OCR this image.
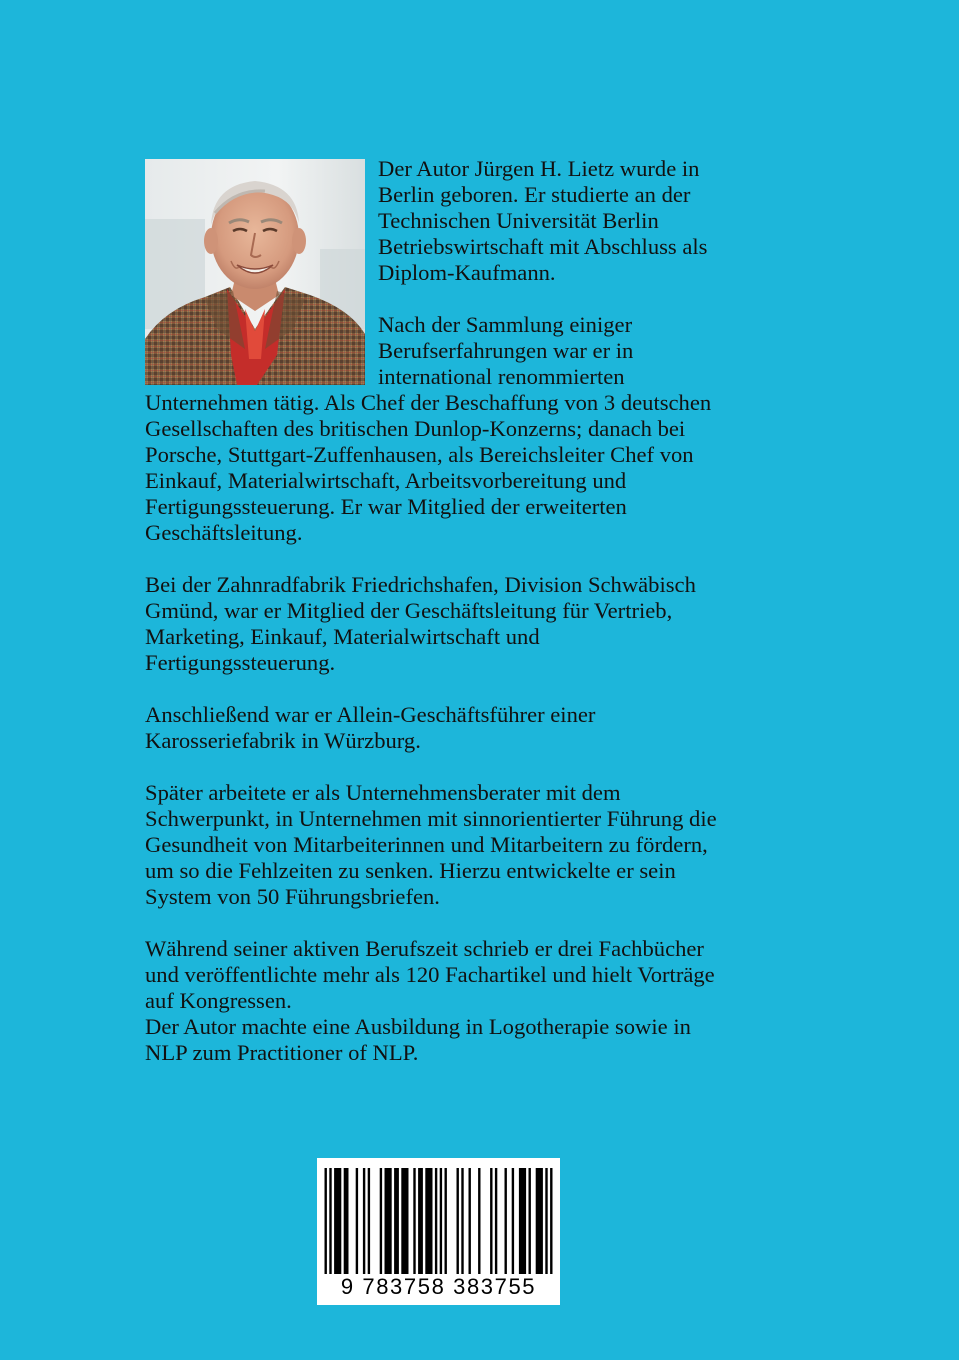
Der Autor Jürgen H. Lietz wurde in

Berlin geboren. Er studierte an der

Technischen Universität Berlin

Betriebswirtschaft mit Abschluss als

Diplom-Kaufmann.

Nach der Sammlung einiger

Berufserfahrungen war er in

international renommierten

Unternehmen tätig. Als Chef der Beschaffung von 3 deutschen

Gesellschaften des britischen Dunlop-Konzerns; danach bei

Porsche, Stuttgart-Zuffenhausen, als Bereichsleiter Chef von

Einkauf, Materialwirtschaft, Arbeitsvorbereitung und

Fertigungssteuerung. Er war Mitglied der erweiterten

Geschäftsleitung.

Bei der Zahnradfabrik Friedrichshafen, Division Schwäbisch

Gmünd, war er Mitglied der Geschäftsleitung für Vertrieb,

Marketing, Einkauf, Materialwirtschaft und

Fertigungssteuerung.

Anschließend war er Allein-Geschäftsführer einer

Karosseriefabrik in Würzburg.

Später arbeitete er als Unternehmensberater mit dem

Schwerpunkt, in Unternehmen mit sinnorientierter Führung die

Gesundheit von Mitarbeiterinnen und Mitarbeitern zu fördern,

um so die Fehlzeiten zu senken. Hierzu entwickelte er sein

System von 50 Führungsbriefen.

Während seiner aktiven Berufszeit schrieb er drei Fachbücher

und veröffentlichte mehr als 120 Fachartikel und hielt Vorträge

auf Kongressen.

Der Autor machte eine Ausbildung in Logotherapie sowie in

NLP zum Practitioner of NLP.

9 783758 383755
